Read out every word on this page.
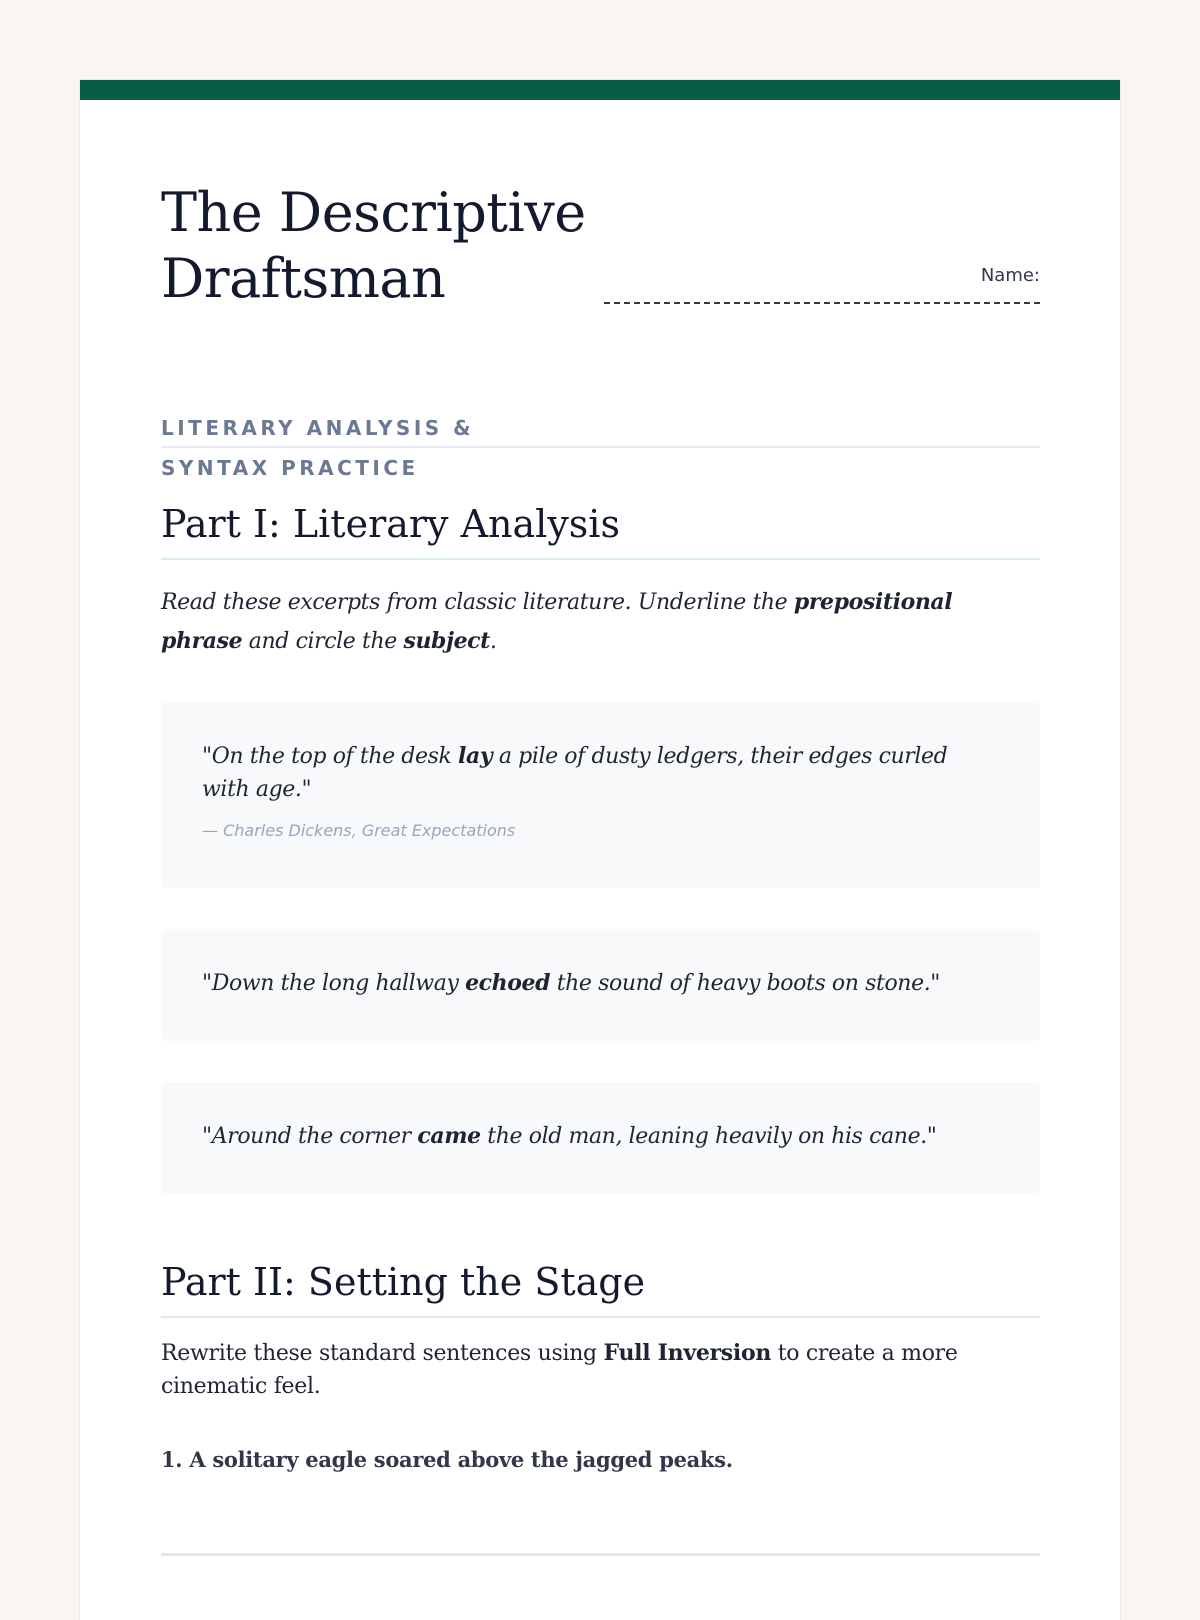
The Descriptive Draftsman

LITERARY ANALYSIS & SYNTAX PRACTICE

Name:
Part I: Literary Analysis

Read these excerpts from classic literature. Underline the prepositional phrase and circle the subject.

"On the top of the desk lay a pile of dusty ledgers, their edges curled with age."

— Charles Dickens, Great Expectations

"Down the long hallway echoed the sound of heavy boots on stone."

"Around the corner came the old man, leaning heavily on his cane."

Part II: Setting the Stage

Rewrite these standard sentences using Full Inversion to create a more cinematic feel.

1. A solitary eagle soared above the jagged peaks.
